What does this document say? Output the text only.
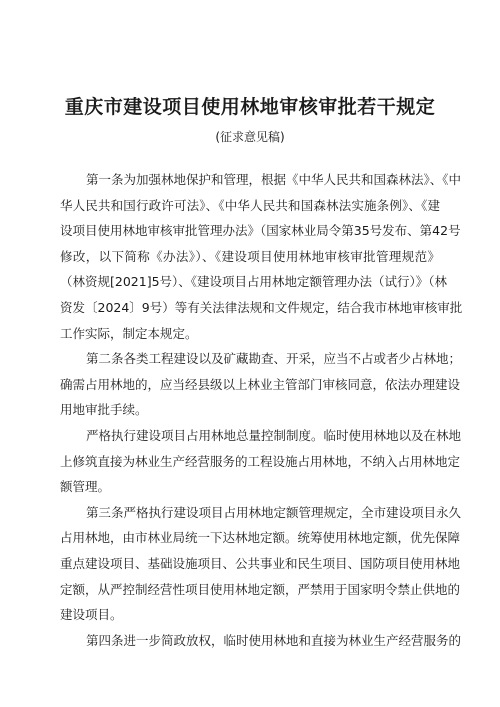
重庆市建设项目使用林地审核审批若干规定
(征求意见稿)
第一条为加强林地保护和管理，根据《中华人民共和国森林法》、《中
华人民共和国行政许可法》、《中华人民共和国森林法实施条例》、《建
设项目使用林地审核审批管理办法》（国家林业局令第35号发布、第42号
修改，以下简称《办法》）、《建设项目使用林地审核审批管理规范》
（林资规[2021]5号）、《建设项目占用林地定额管理办法（试行）》（林
资发〔2024〕9号）等有关法律法规和文件规定，结合我市林地审核审批
工作实际，制定本规定。
第二条各类工程建设以及矿藏勘查、开采，应当不占或者少占林地；
确需占用林地的，应当经县级以上林业主管部门审核同意，依法办理建设
用地审批手续。
严格执行建设项目占用林地总量控制制度。临时使用林地以及在林地
上修筑直接为林业生产经营服务的工程设施占用林地，不纳入占用林地定
额管理。
第三条严格执行建设项目占用林地定额管理规定，全市建设项目永久
占用林地，由市林业局统一下达林地定额。统筹使用林地定额，优先保障
重点建设项目、基础设施项目、公共事业和民生项目、国防项目使用林地
定额，从严控制经营性项目使用林地定额，严禁用于国家明令禁止供地的
建设项目。
第四条进一步简政放权，临时使用林地和直接为林业生产经营服务的
